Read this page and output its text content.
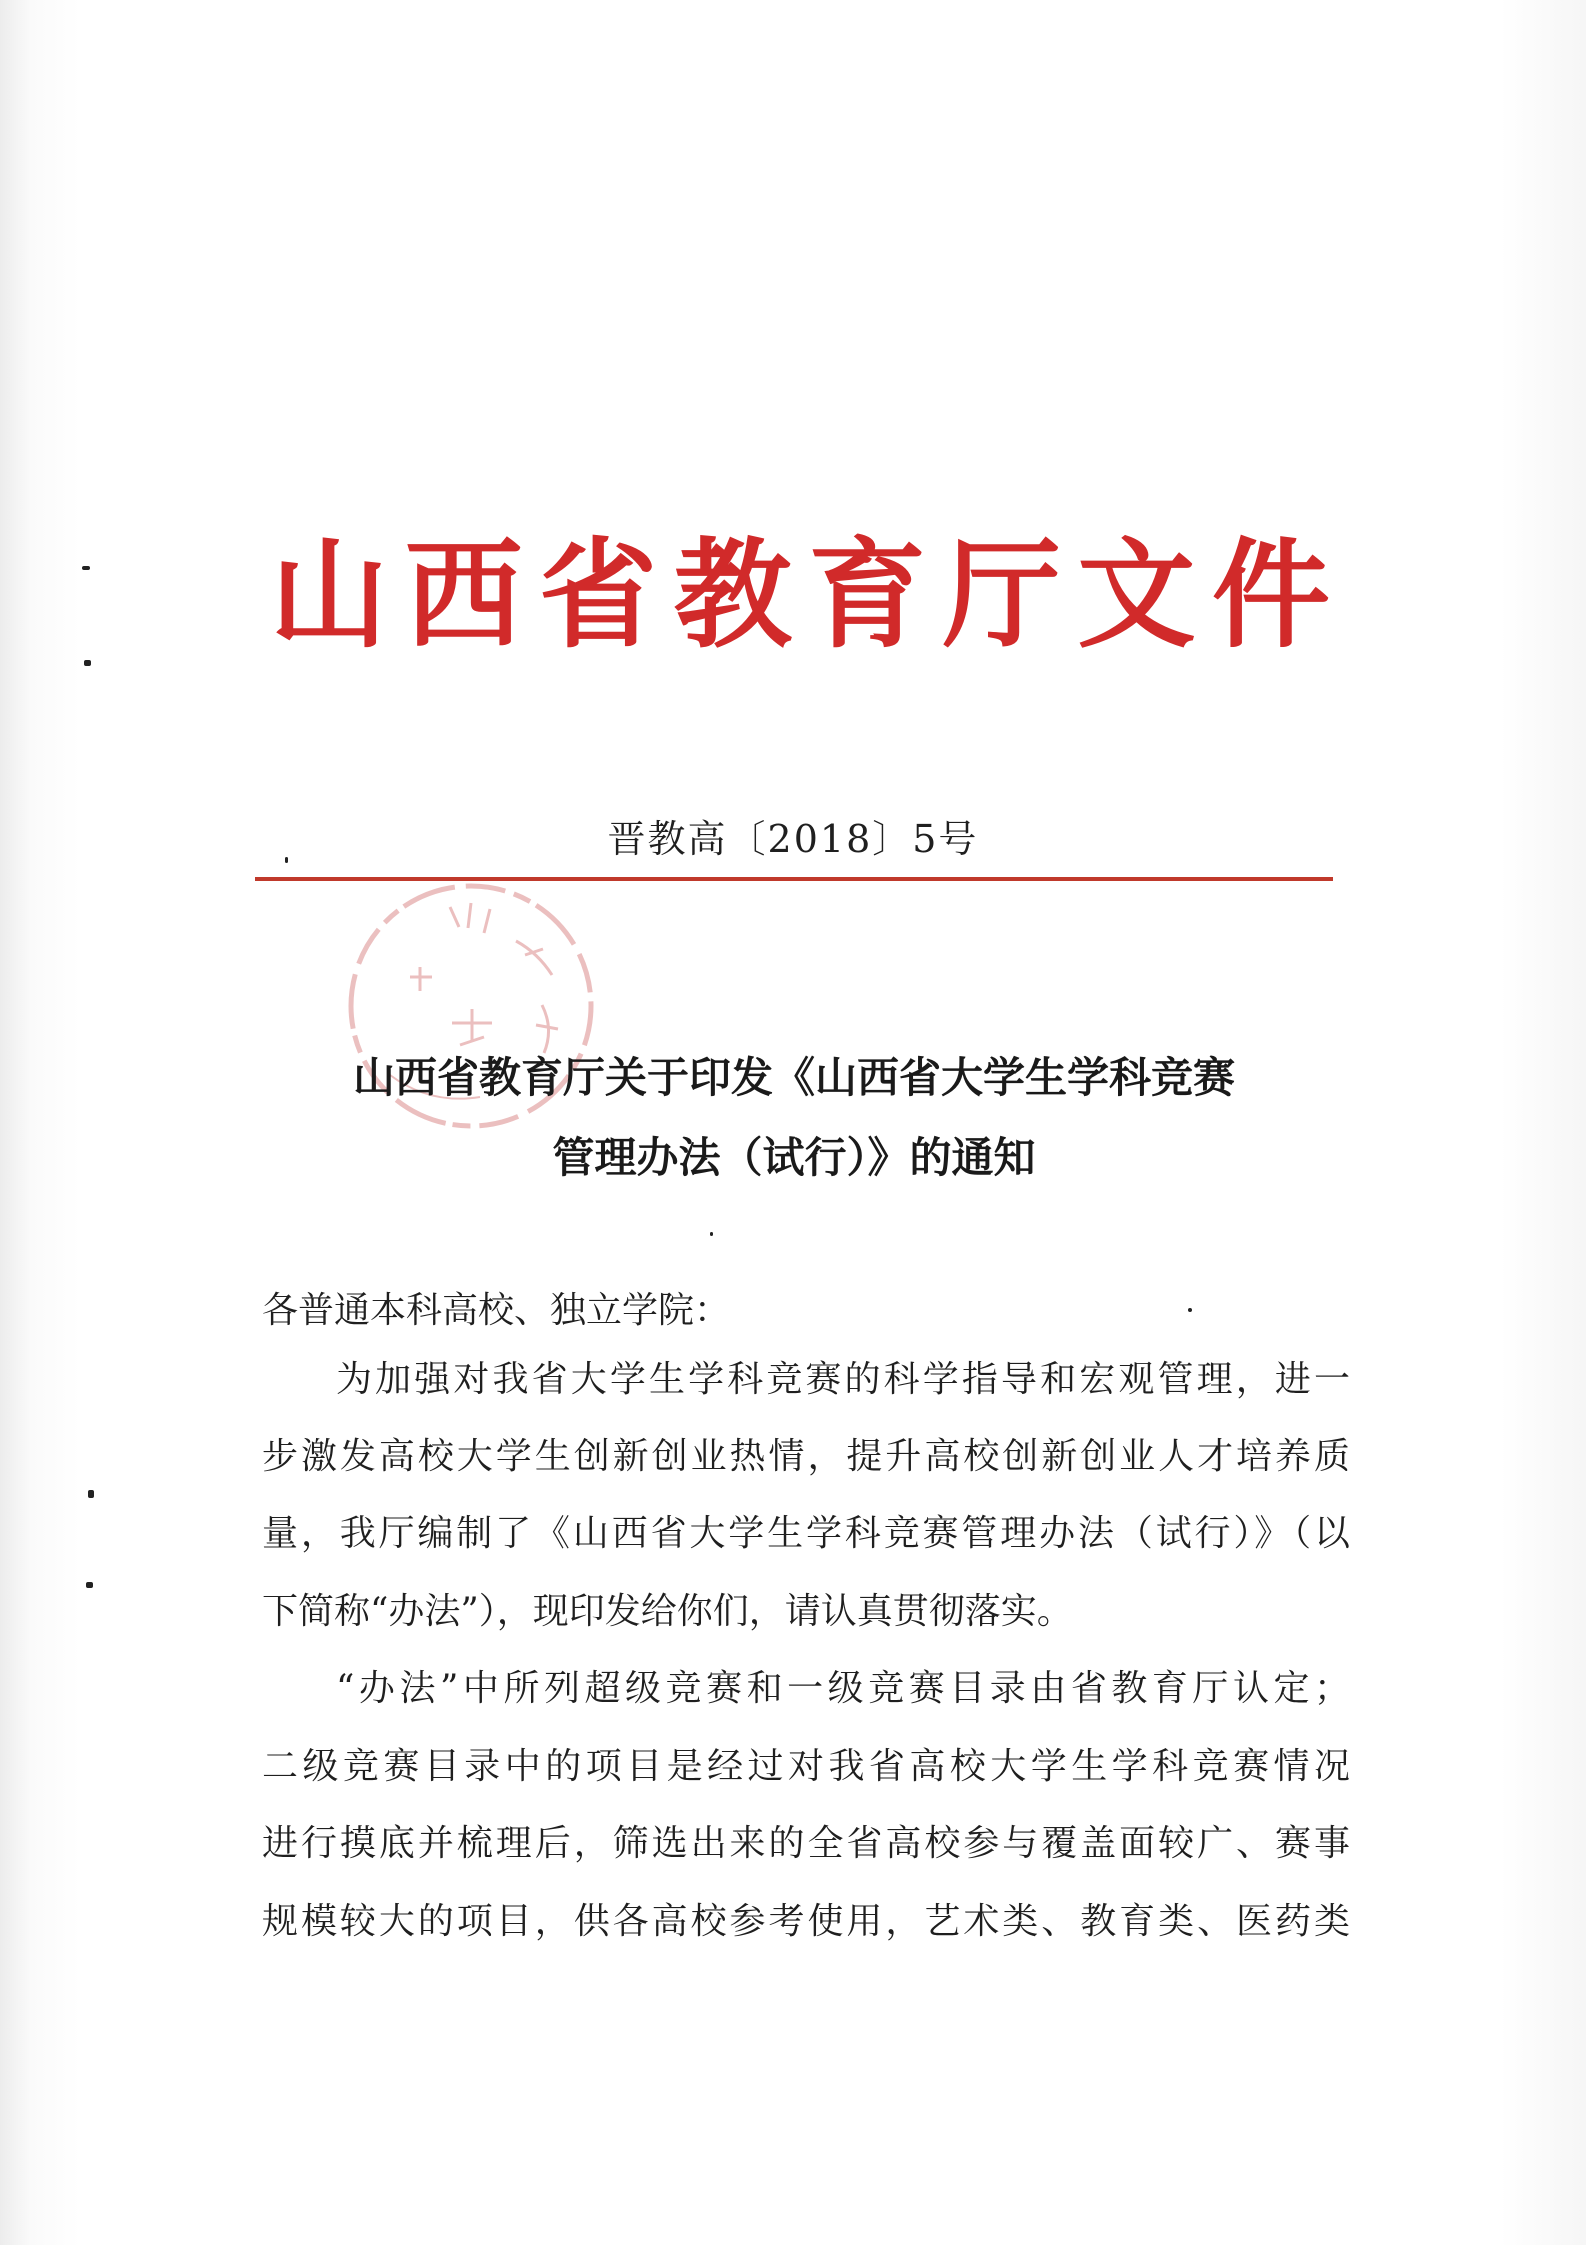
山 西 省 教 育 厅 文 件
晋教高〔2018〕5号
山西省教育厅关于印发《山西省大学生学科竞赛
管理办法（试行）》的通知
各普通本科高校、独立学院：
为加强对我省大学生学科竞赛的科学指导和宏观管理，进一
步激发高校大学生创新创业热情，提升高校创新创业人才培养质
量，我厅编制了《山西省大学生学科竞赛管理办法（试行）》（以
下简称“办法”），现印发给你们，请认真贯彻落实。
“办法”中所列超级竞赛和一级竞赛目录由省教育厅认定；
二级竞赛目录中的项目是经过对我省高校大学生学科竞赛情况
进行摸底并梳理后，筛选出来的全省高校参与覆盖面较广、赛事
规模较大的项目，供各高校参考使用，艺术类、教育类、医药类
